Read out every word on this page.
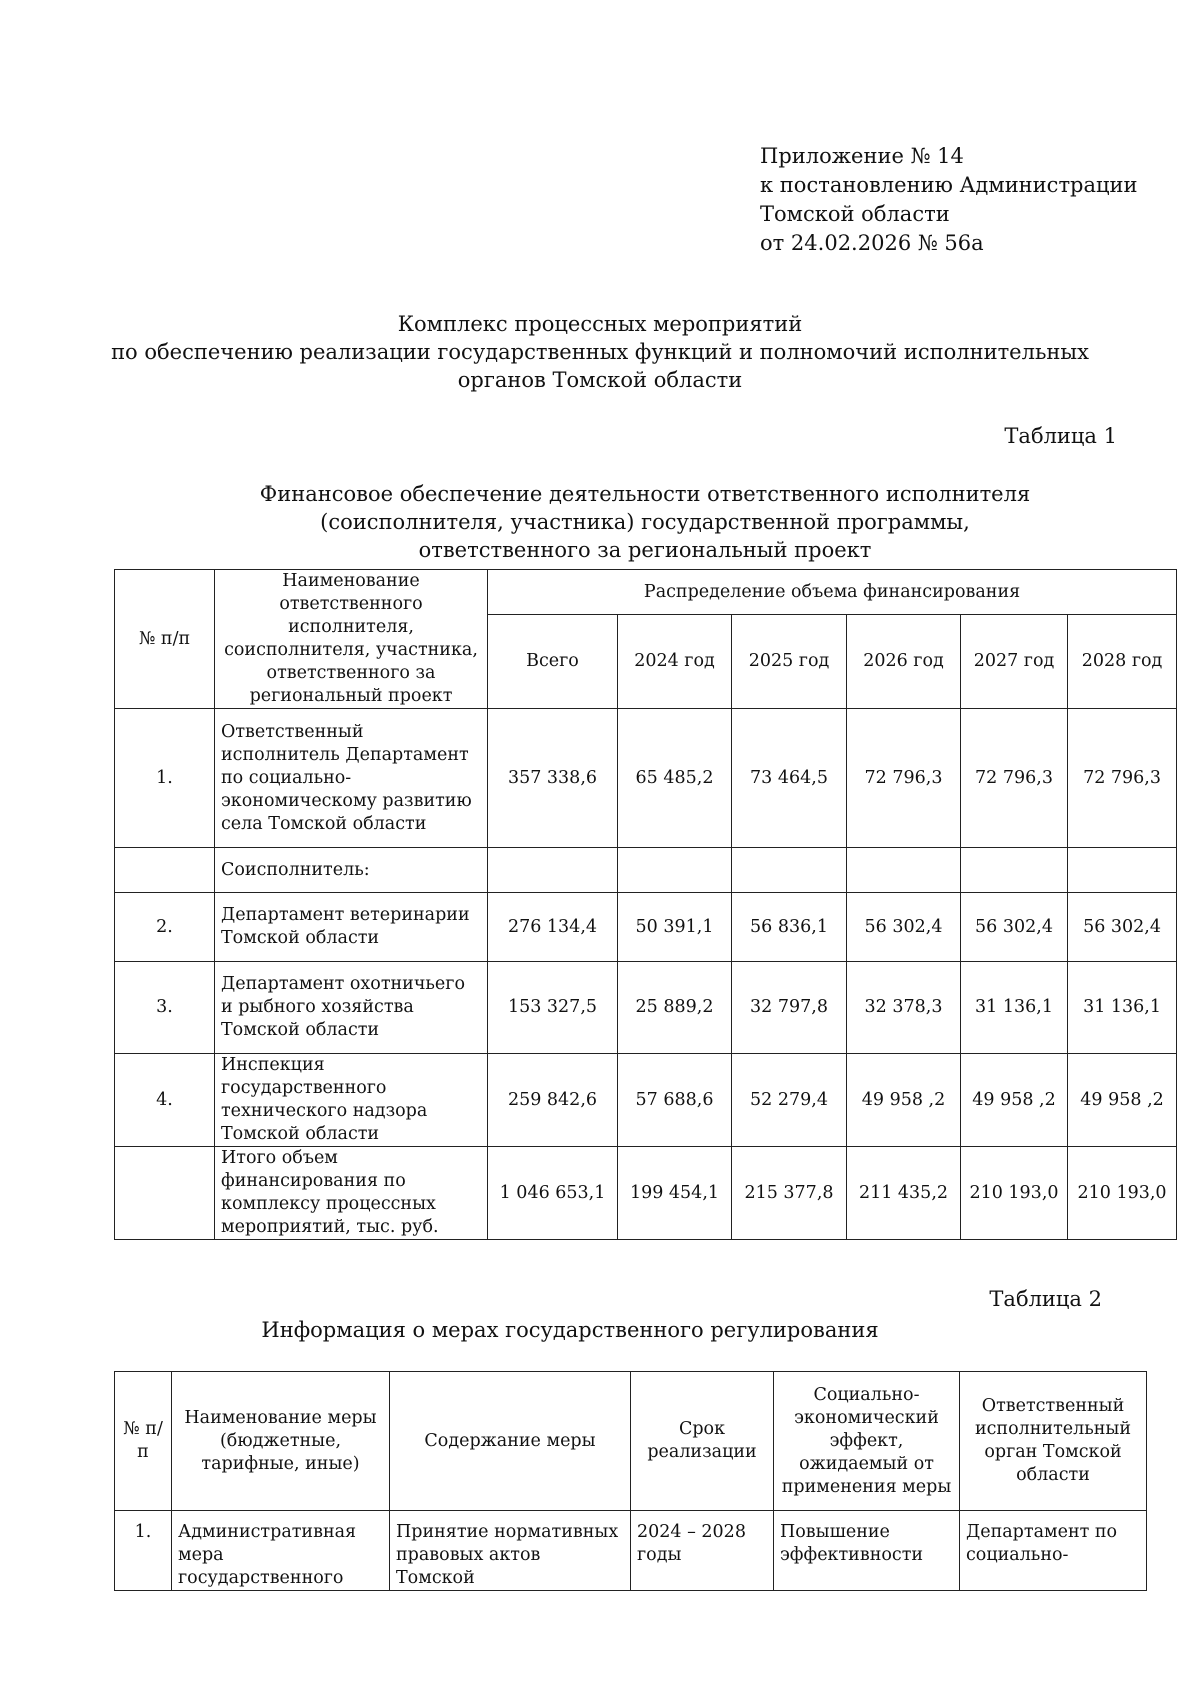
Приложение № 14
к постановлению Администрации
Томской области
от 24.02.2026 № 56а
Комплекс процессных мероприятий
по обеспечению реализации государственных функций и полномочий исполнительных
органов Томской области
Таблица 1
Финансовое обеспечение деятельности ответственного исполнителя
(соисполнителя, участника) государственной программы,
ответственного за региональный проект
№ п/п	Наименование ответственного исполнителя, соисполнителя, участника, ответственного за региональный проект	Распределение объема финансирования					
		Всего	2024 год	2025 год	2026 год	2027 год	2028 год
1.	Ответственный исполнитель Департамент по социально-экономическому развитию села Томской области	357 338,6	65 485,2	73 464,5	72 796,3	72 796,3	72 796,3
	Соисполнитель:						
2.	Департамент ветеринарии Томской области	276 134,4	50 391,1	56 836,1	56 302,4	56 302,4	56 302,4
3.	Департамент охотничьего и рыбного хозяйства Томской области	153 327,5	25 889,2	32 797,8	32 378,3	31 136,1	31 136,1
4.	Инспекция государственного технического надзора Томской области	259 842,6	57 688,6	52 279,4	49 958 ,2	49 958 ,2	49 958 ,2
	Итого объем финансирования по комплексу процессных мероприятий, тыс. руб.	1 046 653,1	199 454,1	215 377,8	211 435,2	210 193,0	210 193,0
Таблица 2
Информация о мерах государственного регулирования
№ п/п	Наименование меры (бюджетные, тарифные, иные)	Содержание меры	Срок реализации	Социально-экономический эффект, ожидаемый от применения меры	Ответственный исполнительный орган Томской области
1.	Административная мера государственного	Принятие нормативных правовых актов Томской	2024 – 2028 годы	Повышение эффективности	Департамент по социально-
